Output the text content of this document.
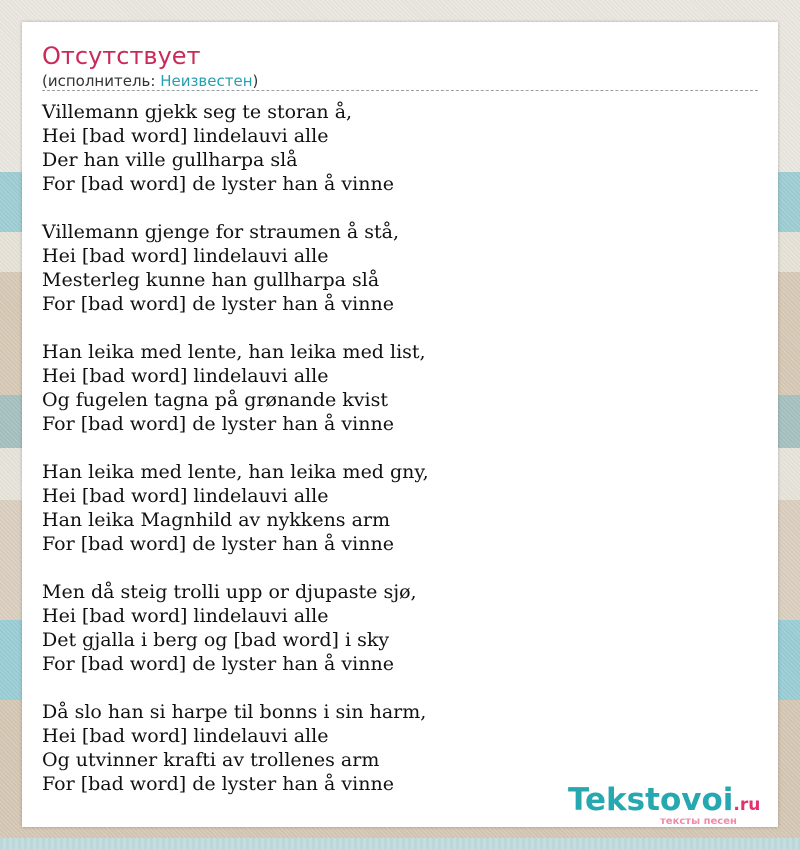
Отсутствует
(исполнитель: Неизвестен)
Villemann gjekk seg te storan å,
Hei [bad word] lindelauvi alle
Der han ville gullharpa slå
For [bad word] de lyster han å vinne
Villemann gjenge for straumen å stå,
Hei [bad word] lindelauvi alle
Mesterleg kunne han gullharpa slå
For [bad word] de lyster han å vinne
Han leika med lente, han leika med list,
Hei [bad word] lindelauvi alle
Og fugelen tagna på grønande kvist
For [bad word] de lyster han å vinne
Han leika med lente, han leika med gny,
Hei [bad word] lindelauvi alle
Han leika Magnhild av nykkens arm
For [bad word] de lyster han å vinne
Men då steig trolli upp or djupaste sjø,
Hei [bad word] lindelauvi alle
Det gjalla i berg og [bad word] i sky
For [bad word] de lyster han å vinne
Då slo han si harpe til bonns i sin harm,
Hei [bad word] lindelauvi alle
Og utvinner krafti av trollenes arm
For [bad word] de lyster han å vinne	Tekstovoi.ru
тексты песен
